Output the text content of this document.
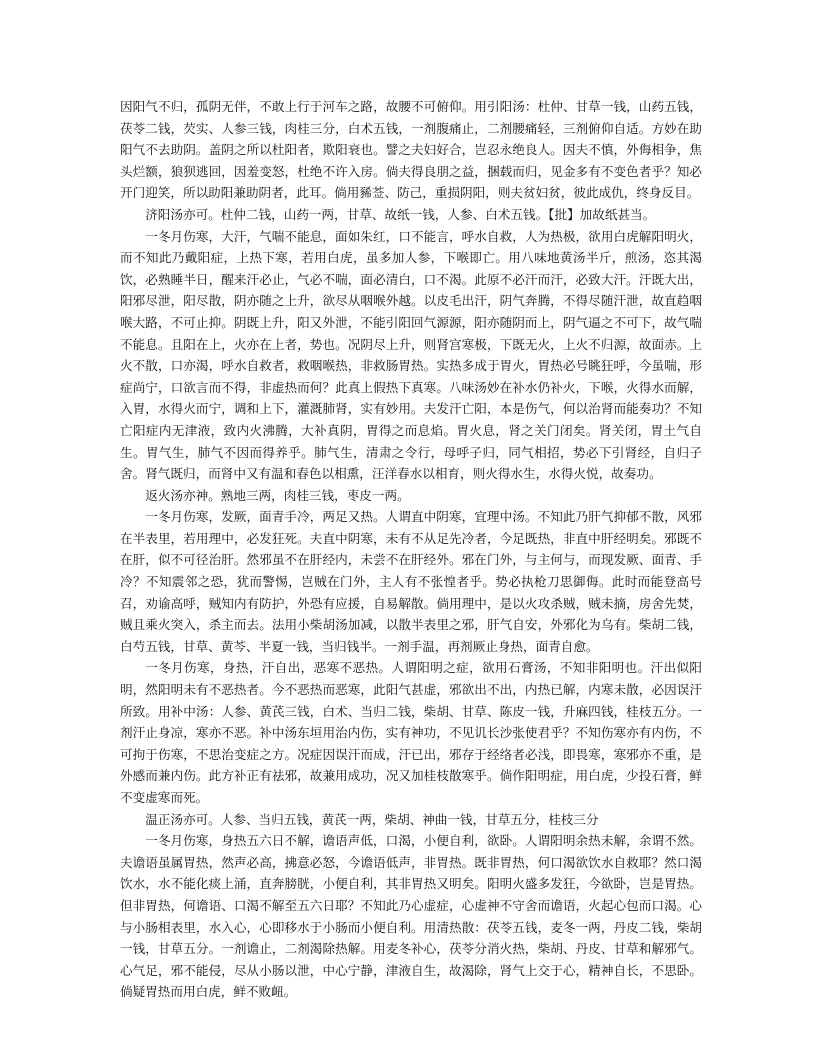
因阳气不归，孤阴无伴，不敢上行于河车之路，故腰不可俯仰。用引阳汤：杜仲、甘草一钱，山药五钱，茯苓二钱，芡实、人参三钱，肉桂三分，白术五钱，一剂腹痛止，二剂腰痛轻，三剂俯仰自适。方妙在助阳气不去助阴。盖阴之所以杜阳者，欺阳衰也。譬之夫妇好合，岂忍永绝良人。因夫不慎，外侮相争，焦头烂额，狼狈逃回，因羞变怒，杜绝不许入房。倘夫得良朋之益，捆载而归，见金多有不变色者乎？知必开门迎笑，所以助阳兼助阴者，此耳。倘用豨莶、防己，重损阴阳，则夫贫妇贫，彼此成仇，终身反目。

济阳汤亦可。杜仲二钱，山药一两，甘草、故纸一钱，人参、白术五钱。【批】加故纸甚当。

一冬月伤寒，大汗，气喘不能息，面如朱红，口不能言，呼水自救，人为热极，欲用白虎解阳明火，而不知此乃戴阳症，上热下寒，若用白虎，虽多加人参，下喉即亡。用八味地黄汤半斤，煎汤，恣其渴饮，必熟睡半日，醒来汗必止，气必不喘，面必清白，口不渴。此原不必汗而汗，必致大汗。汗既大出，阳邪尽泄，阳尽散，阴亦随之上升，欲尽从咽喉外越。以皮毛出汗，阴气奔腾，不得尽随汗泄，故直趋咽喉大路，不可止抑。阴既上升，阳又外泄，不能引阳回气源源，阳亦随阴而上，阴气逼之不可下，故气喘不能息。且阳在上，火亦在上者，势也。况阴尽上升，则肾宫寒极，下既无火，上火不归源，故面赤。上火不散，口亦渴，呼水自救者，救咽喉热，非救肠胃热。实热多成于胃火，胃热必号眺狂呼，今虽喘，形症尚宁，口欲言而不得，非虚热而何？此真上假热下真寒。八味汤妙在补水仍补火，下喉，火得水而解，入胃，水得火而宁，调和上下，灌溉肺肾，实有妙用。夫发汗亡阳，本是伤气，何以治肾而能奏功？不知亡阳症内无津液，致内火沸腾，大补真阴，胃得之而息焰。胃火息，肾之关门闭矣。肾关闭，胃土气自生。胃气生，肺气不因而得养乎。肺气生，清肃之令行，母呼子归，同气相招，势必下引肾经，自归子舍。肾气既归，而肾中又有温和春色以相熏，汪洋春水以相育，则火得水生，水得火悦，故奏功。

返火汤亦神。熟地三两，肉桂三钱，枣皮一两。

一冬月伤寒，发厥，面青手冷，两足又热。人谓直中阴寒，宜理中汤。不知此乃肝气抑郁不散，风邪在半表里，若用理中，必发狂死。夫直中阴寒，未有不从足先冷者，今足既热，非直中肝经明矣。邪既不在肝，似不可径治肝。然邪虽不在肝经内，未尝不在肝经外。邪在门外，与主何与，而现发厥、面青、手冷？不知震邻之恐，犹而警惕，岂贼在门外，主人有不张惶者乎。势必执枪刀思御侮。此时而能登高号召，劝谕高呼，贼知内有防护，外恐有应援，自易解散。倘用理中，是以火攻杀贼，贼未摘，房舍先焚，贼且乘火突入，杀主而去。法用小柴胡汤加减，以散半表里之邪，肝气自安，外邪化为乌有。柴胡二钱，白芍五钱，甘草、黄芩、半夏一钱，当归钱半。一剂手温，再剂厥止身热，面青自愈。

一冬月伤寒，身热，汗自出，恶寒不恶热。人谓阳明之症，欲用石膏汤，不知非阳明也。汗出似阳明，然阳明未有不恶热者。今不恶热而恶寒，此阳气甚虚，邪欲出不出，内热已解，内寒未散，必因误汗所致。用补中汤：人参、黄芪三钱，白术、当归二钱，柴胡、甘草、陈皮一钱，升麻四钱，桂枝五分。一剂汗止身凉，寒亦不恶。补中汤东垣用治内伤，实有神功，不见讥长沙张使君乎？不知伤寒亦有内伤，不可拘于伤寒，不思治变症之方。况症因误汗而成，汗已出，邪存于经络者必浅，即畏寒，寒邪亦不重，是外感而兼内伤。此方补正有祛邪，故兼用成功，况又加桂枝散寒乎。倘作阳明症，用白虎，少投石膏，鲜不变虚寒而死。

温正汤亦可。人参、当归五钱，黄芪一两，柴胡、神曲一钱，甘草五分，桂枝三分

一冬月伤寒，身热五六日不解，谵语声低，口渴，小便自利，欲卧。人谓阳明余热未解，余谓不然。夫谵语虽属胃热，然声必高，拂意必怒，今谵语低声，非胃热。既非胃热，何口渴欲饮水自救耶？然口渴饮水，水不能化痰上涌，直奔膀胱，小便自利，其非胃热又明矣。阳明火盛多发狂，今欲卧，岂是胃热。但非胃热，何谵语、口渴不解至五六日耶？不知此乃心虚症，心虚神不守舍而谵语，火起心包而口渴。心与小肠相表里，水入心，心即移水于小肠而小便自利。用清热散：茯苓五钱，麦冬一两，丹皮二钱，柴胡一钱，甘草五分。一剂谵止，二剂渴除热解。用麦冬补心，茯苓分消火热，柴胡、丹皮、甘草和解邪气。心气足，邪不能侵，尽从小肠以泄，中心宁静，津液自生，故渴除，肾气上交于心，精神自长，不思卧。倘疑胃热而用白虎，鲜不败衄。
